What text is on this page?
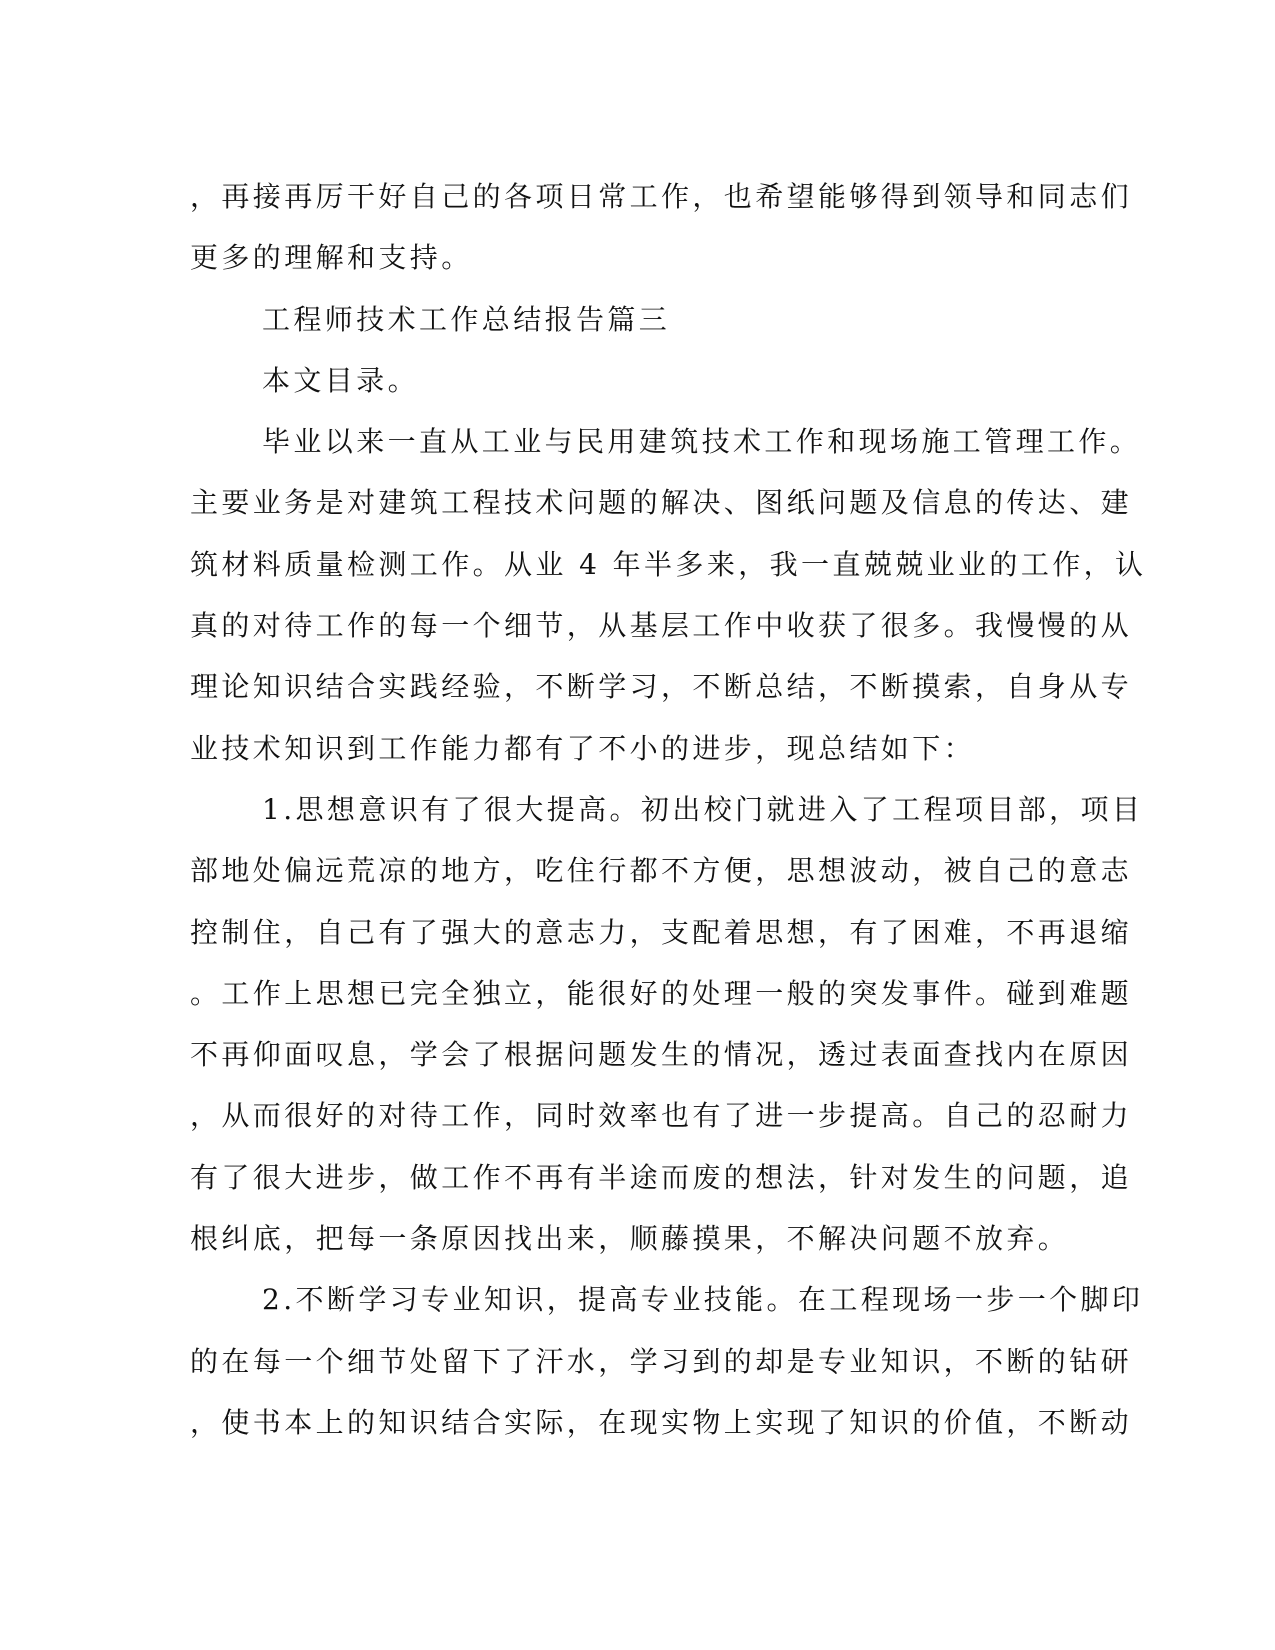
，再接再厉干好自己的各项日常工作，也希望能够得到领导和同志们
更多的理解和支持。
工程师技术工作总结报告篇三
本文目录。
毕业以来一直从工业与民用建筑技术工作和现场施工管理工作。
主要业务是对建筑工程技术问题的解决、图纸问题及信息的传达、建
筑材料质量检测工作。从业 4 年半多来，我一直兢兢业业的工作，认
真的对待工作的每一个细节，从基层工作中收获了很多。我慢慢的从
理论知识结合实践经验，不断学习，不断总结，不断摸索，自身从专
业技术知识到工作能力都有了不小的进步，现总结如下：
1.思想意识有了很大提高。初出校门就进入了工程项目部，项目
部地处偏远荒凉的地方，吃住行都不方便，思想波动，被自己的意志
控制住，自己有了强大的意志力，支配着思想，有了困难，不再退缩
。工作上思想已完全独立，能很好的处理一般的突发事件。碰到难题
不再仰面叹息，学会了根据问题发生的情况，透过表面查找内在原因
，从而很好的对待工作，同时效率也有了进一步提高。自己的忍耐力
有了很大进步，做工作不再有半途而废的想法，针对发生的问题，追
根纠底，把每一条原因找出来，顺藤摸果，不解决问题不放弃。
2.不断学习专业知识，提高专业技能。在工程现场一步一个脚印
的在每一个细节处留下了汗水，学习到的却是专业知识，不断的钻研
，使书本上的知识结合实际，在现实物上实现了知识的价值，不断动
